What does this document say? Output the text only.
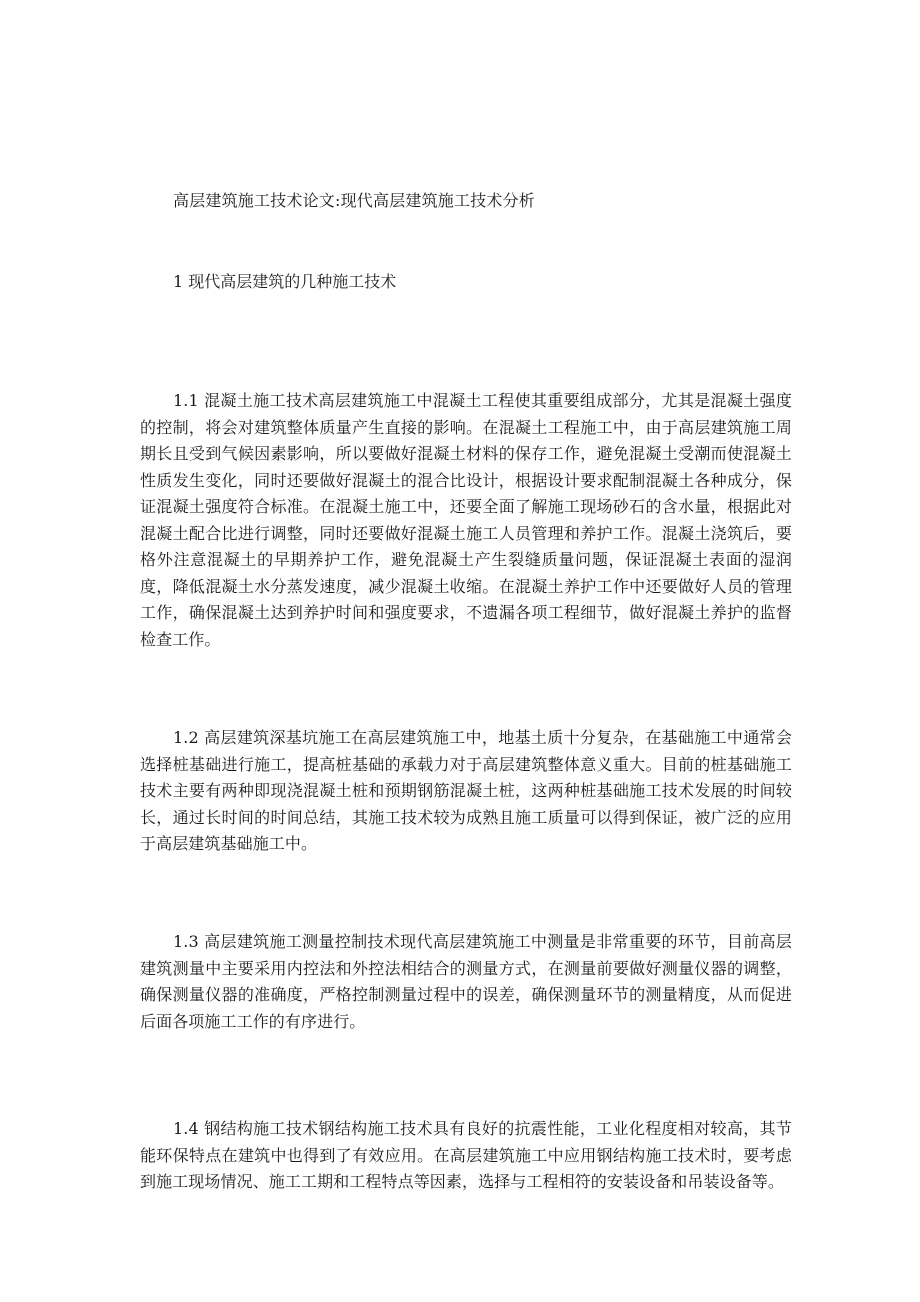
高层建筑施工技术论文:现代高层建筑施工技术分析
1 现代高层建筑的几种施工技术

1.1 混凝土施工技术高层建筑施工中混凝土工程使其重要组成部分，尤其是混凝土强度的控制，将会对建筑整体质量产生直接的影响。在混凝土工程施工中，由于高层建筑施工周期长且受到气候因素影响，所以要做好混凝土材料的保存工作，避免混凝土受潮而使混凝土性质发生变化，同时还要做好混凝土的混合比设计，根据设计要求配制混凝土各种成分，保证混凝土强度符合标准。在混凝土施工中，还要全面了解施工现场砂石的含水量，根据此对混凝土配合比进行调整，同时还要做好混凝土施工人员管理和养护工作。混凝土浇筑后，要格外注意混凝土的早期养护工作，避免混凝土产生裂缝质量问题，保证混凝土表面的湿润度，降低混凝土水分蒸发速度，减少混凝土收缩。在混凝土养护工作中还要做好人员的管理工作，确保混凝土达到养护时间和强度要求，不遗漏各项工程细节，做好混凝土养护的监督检查工作。

1.2 高层建筑深基坑施工在高层建筑施工中，地基土质十分复杂，在基础施工中通常会选择桩基础进行施工，提高桩基础的承载力对于高层建筑整体意义重大。目前的桩基础施工技术主要有两种即现浇混凝土桩和预期钢筋混凝土桩，这两种桩基础施工技术发展的时间较长，通过长时间的时间总结，其施工技术较为成熟且施工质量可以得到保证，被广泛的应用于高层建筑基础施工中。

1.3 高层建筑施工测量控制技术现代高层建筑施工中测量是非常重要的环节，目前高层建筑测量中主要采用内控法和外控法相结合的测量方式，在测量前要做好测量仪器的调整，确保测量仪器的准确度，严格控制测量过程中的误差，确保测量环节的测量精度，从而促进后面各项施工工作的有序进行。

1.4 钢结构施工技术钢结构施工技术具有良好的抗震性能，工业化程度相对较高，其节能环保特点在建筑中也得到了有效应用。在高层建筑施工中应用钢结构施工技术时，要考虑到施工现场情况、施工工期和工程特点等因素，选择与工程相符的安装设备和吊装设备等。
